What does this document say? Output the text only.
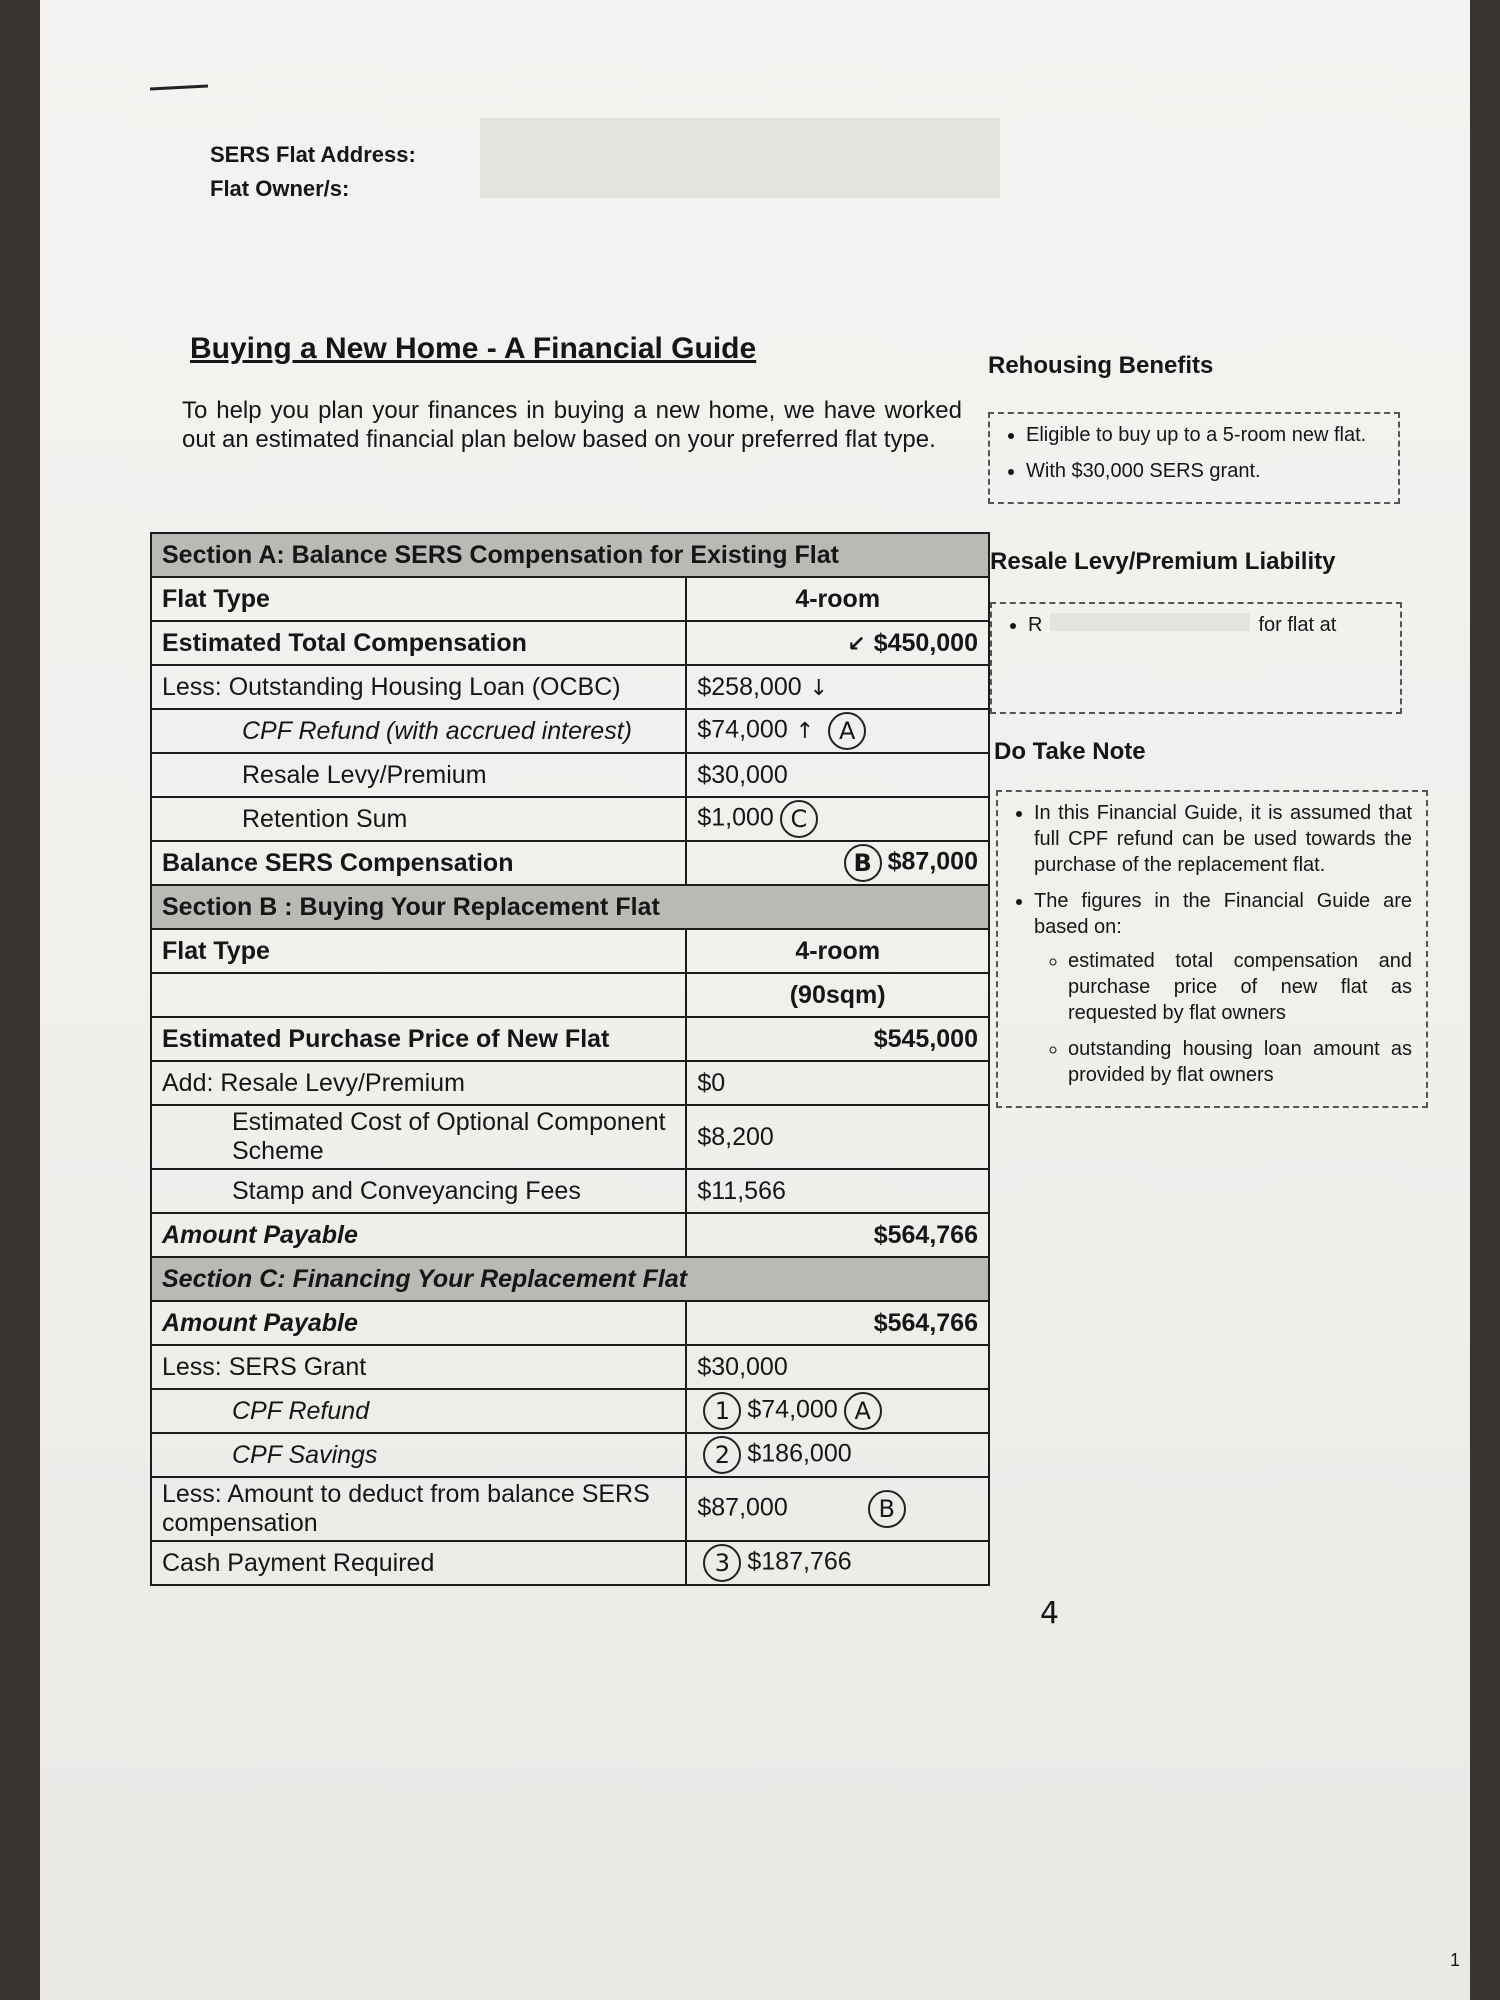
SERS Flat Address:
Flat Owner/s:
Buying a New Home - A Financial Guide
To help you plan your finances in buying a new home, we have worked out an estimated financial plan below based on your preferred flat type.
Section A: Balance SERS Compensation for Existing Flat	
Flat Type	4-room
Estimated Total Compensation	↙ $450,000
Less: Outstanding Housing Loan (OCBC)	$258,000 ↓
CPF Refund (with accrued interest)	$74,000 ↑ A
Resale Levy/Premium	$30,000
Retention Sum	$1,000 C
Balance SERS Compensation	B $87,000
Section B : Buying Your Replacement Flat	
Flat Type	4-room
	(90sqm)
Estimated Purchase Price of New Flat	$545,000
Add: Resale Levy/Premium	$0
Estimated Cost of Optional Component Scheme	$8,200
Stamp and Conveyancing Fees	$11,566
Amount Payable	$564,766
Section C: Financing Your Replacement Flat	
Amount Payable	$564,766
Less: SERS Grant	$30,000
CPF Refund	1 $74,000 A
CPF Savings	2 $186,000
Less: Amount to deduct from balance SERS compensation	$87,000 B
Cash Payment Required	3 $187,766
Rehousing Benefits
• Eligible to buy up to a 5-room new flat.
• With $30,000 SERS grant.
Resale Levy/Premium Liability
• R	for flat at
Do Take Note
• In this Financial Guide, it is assumed that full CPF refund can be used towards the purchase of the replacement flat.
• The figures in the Financial Guide are based on:
◦ estimated total compensation and purchase price of new flat as requested by flat owners
◦ outstanding housing loan amount as provided by flat owners
4
1
